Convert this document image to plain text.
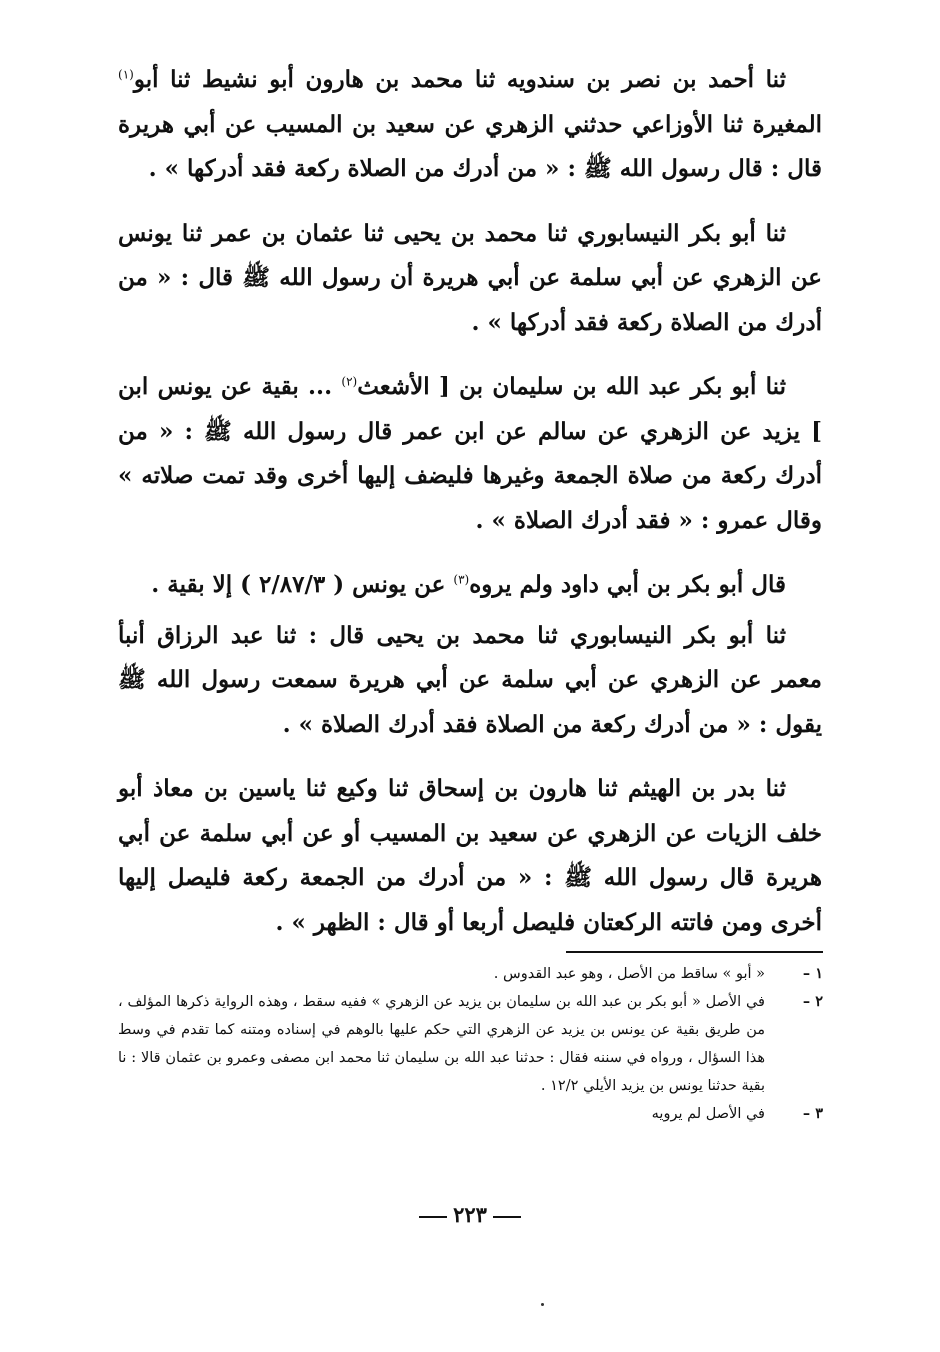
ثنا أحمد بن نصر بن سندويه ثنا محمد بن هارون أبو نشيط ثنا أبو$^{(١)}$ المغيرة ثنا الأوزاعي حدثني الزهري عن سعيد بن المسيب عن أبي هريرة قال : قال رسول الله ﷺ : « من أدرك من الصلاة ركعة فقد أدركها » .
ثنا أبو بكر النيسابوري ثنا محمد بن يحيى ثنا عثمان بن عمر ثنا يونس عن الزهري عن أبي سلمة عن أبي هريرة أن رسول الله ﷺ قال : « من أدرك من الصلاة ركعة فقد أدركها » .
ثنا أبو بكر عبد الله بن سليمان بن [ الأشعث$^{(٢)}$ ... بقية عن يونس ابن ] يزيد عن الزهري عن سالم عن ابن عمر قال رسول الله ﷺ : « من أدرك ركعة من صلاة الجمعة وغيرها فليضف إليها أخرى وقد تمت صلاته » وقال عمرو : « فقد أدرك الصلاة » .
قال أبو بكر بن أبي داود ولم يروه$^{(٣)}$ عن يونس ( ٢/٨٧/٣ ) إلا بقية .
ثنا أبو بكر النيسابوري ثنا محمد بن يحيى قال : ثنا عبد الرزاق أنبأ معمر عن الزهري عن أبي سلمة عن أبي هريرة سمعت رسول الله ﷺ يقول : « من أدرك ركعة من الصلاة فقد أدرك الصلاة » .
ثنا بدر بن الهيثم ثنا هارون بن إسحاق ثنا وكيع ثنا ياسين بن معاذ أبو خلف الزيات عن الزهري عن سعيد بن المسيب أو عن أبي سلمة عن أبي هريرة قال رسول الله ﷺ : « من أدرك من الجمعة ركعة فليصل إليها أخرى ومن فاتته الركعتان فليصل أربعا أو قال : الظهر » .
١ –
« أبو » ساقط من الأصل ، وهو عبد القدوس .
٢ –
في الأصل « أبو بكر بن عبد الله بن سليمان بن يزيد عن الزهري » ففيه سقط ، وهذه الرواية ذكرها المؤلف ، من طريق بقية عن يونس بن يزيد عن الزهري التي حكم عليها بالوهم في إسناده ومتنه كما تقدم في وسط هذا السؤال ، ورواه في سننه فقال : حدثنا عبد الله بن سليمان ثنا محمد ابن مصفى وعمرو بن عثمان قالا : نا بقية حدثنا يونس بن يزيد الأيلي ١٢/٢ .
٣ –
في الأصل لم يرويه
٢٢٣
